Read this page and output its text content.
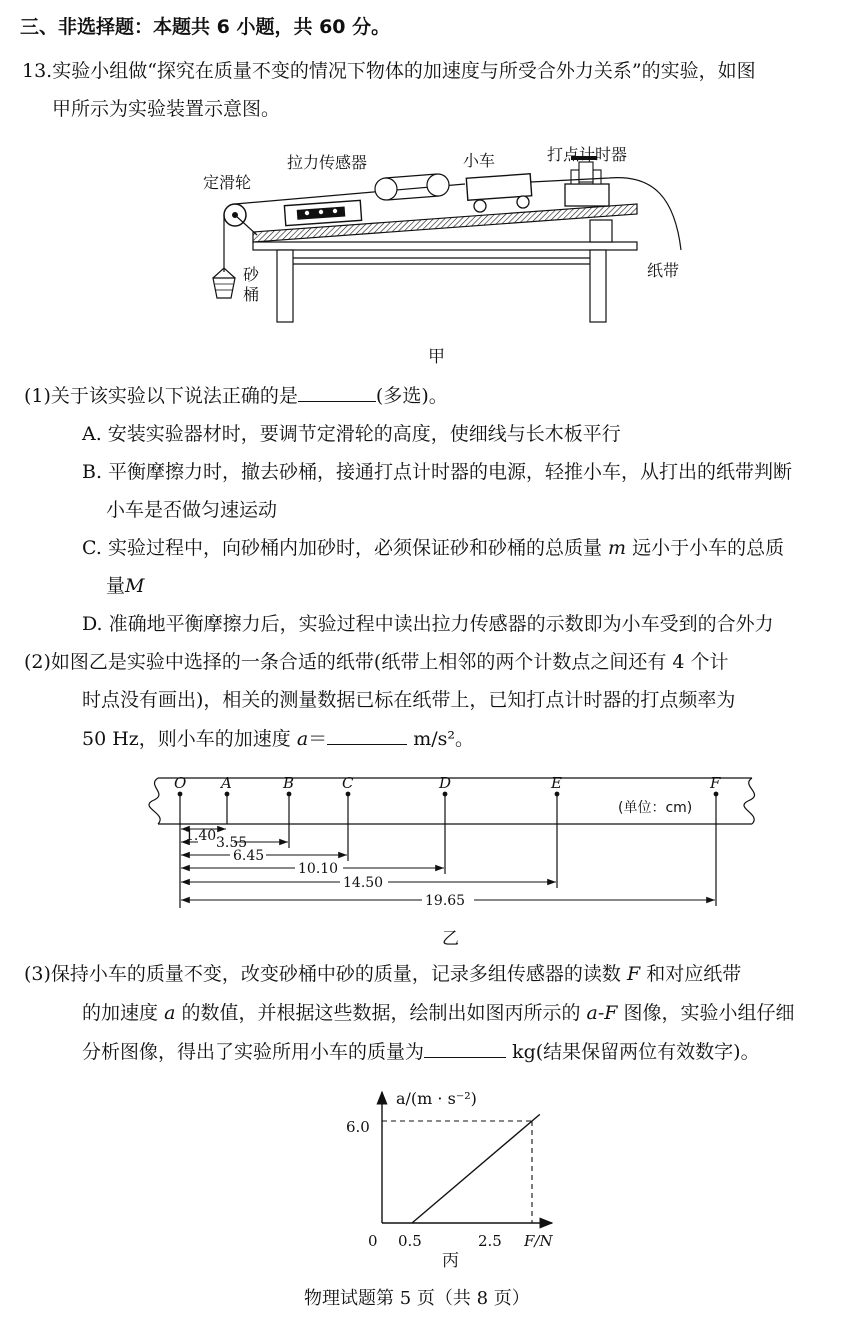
三、非选择题：本题共 6 小题，共 60 分。
13.实验小组做“探究在质量不变的情况下物体的加速度与所受合外力关系”的实验，如图
甲所示为实验装置示意图。
定滑轮
拉力传感器	小车	打点计时器
砂
桶
纸带
甲
(1)关于该实验以下说法正确的是	(多选)。
A. 安装实验器材时，要调节定滑轮的高度，使细线与长木板平行
B. 平衡摩擦力时，撤去砂桶，接通打点计时器的电源，轻推小车，从打出的纸带判断
小车是否做匀速运动
C. 实验过程中，向砂桶内加砂时，必须保证砂和砂桶的总质量 m 远小于小车的总质
量M
D. 准确地平衡摩擦力后，实验过程中读出拉力传感器的示数即为小车受到的合外力
(2)如图乙是实验中选择的一条合适的纸带(纸带上相邻的两个计数点之间还有 4 个计
时点没有画出)，相关的测量数据已标在纸带上，已知打点计时器的打点频率为
50 Hz，则小车的加速度 a＝	m/s²。
O A	B	C	D	E	F
(单位：cm)
1.40 3.55
6.45
10.10
14.50
19.65
乙
(3)保持小车的质量不变，改变砂桶中砂的质量，记录多组传感器的读数 F 和对应纸带
的加速度 a 的数值，并根据这些数据，绘制出如图丙所示的 a-F 图像，实验小组仔细
分析图像，得出了实验所用小车的质量为	kg(结果保留两位有效数字)。
a/(m · s⁻²)
F/N
6.0
0 0.5	2.5
丙
物理试题第 5 页（共 8 页）
